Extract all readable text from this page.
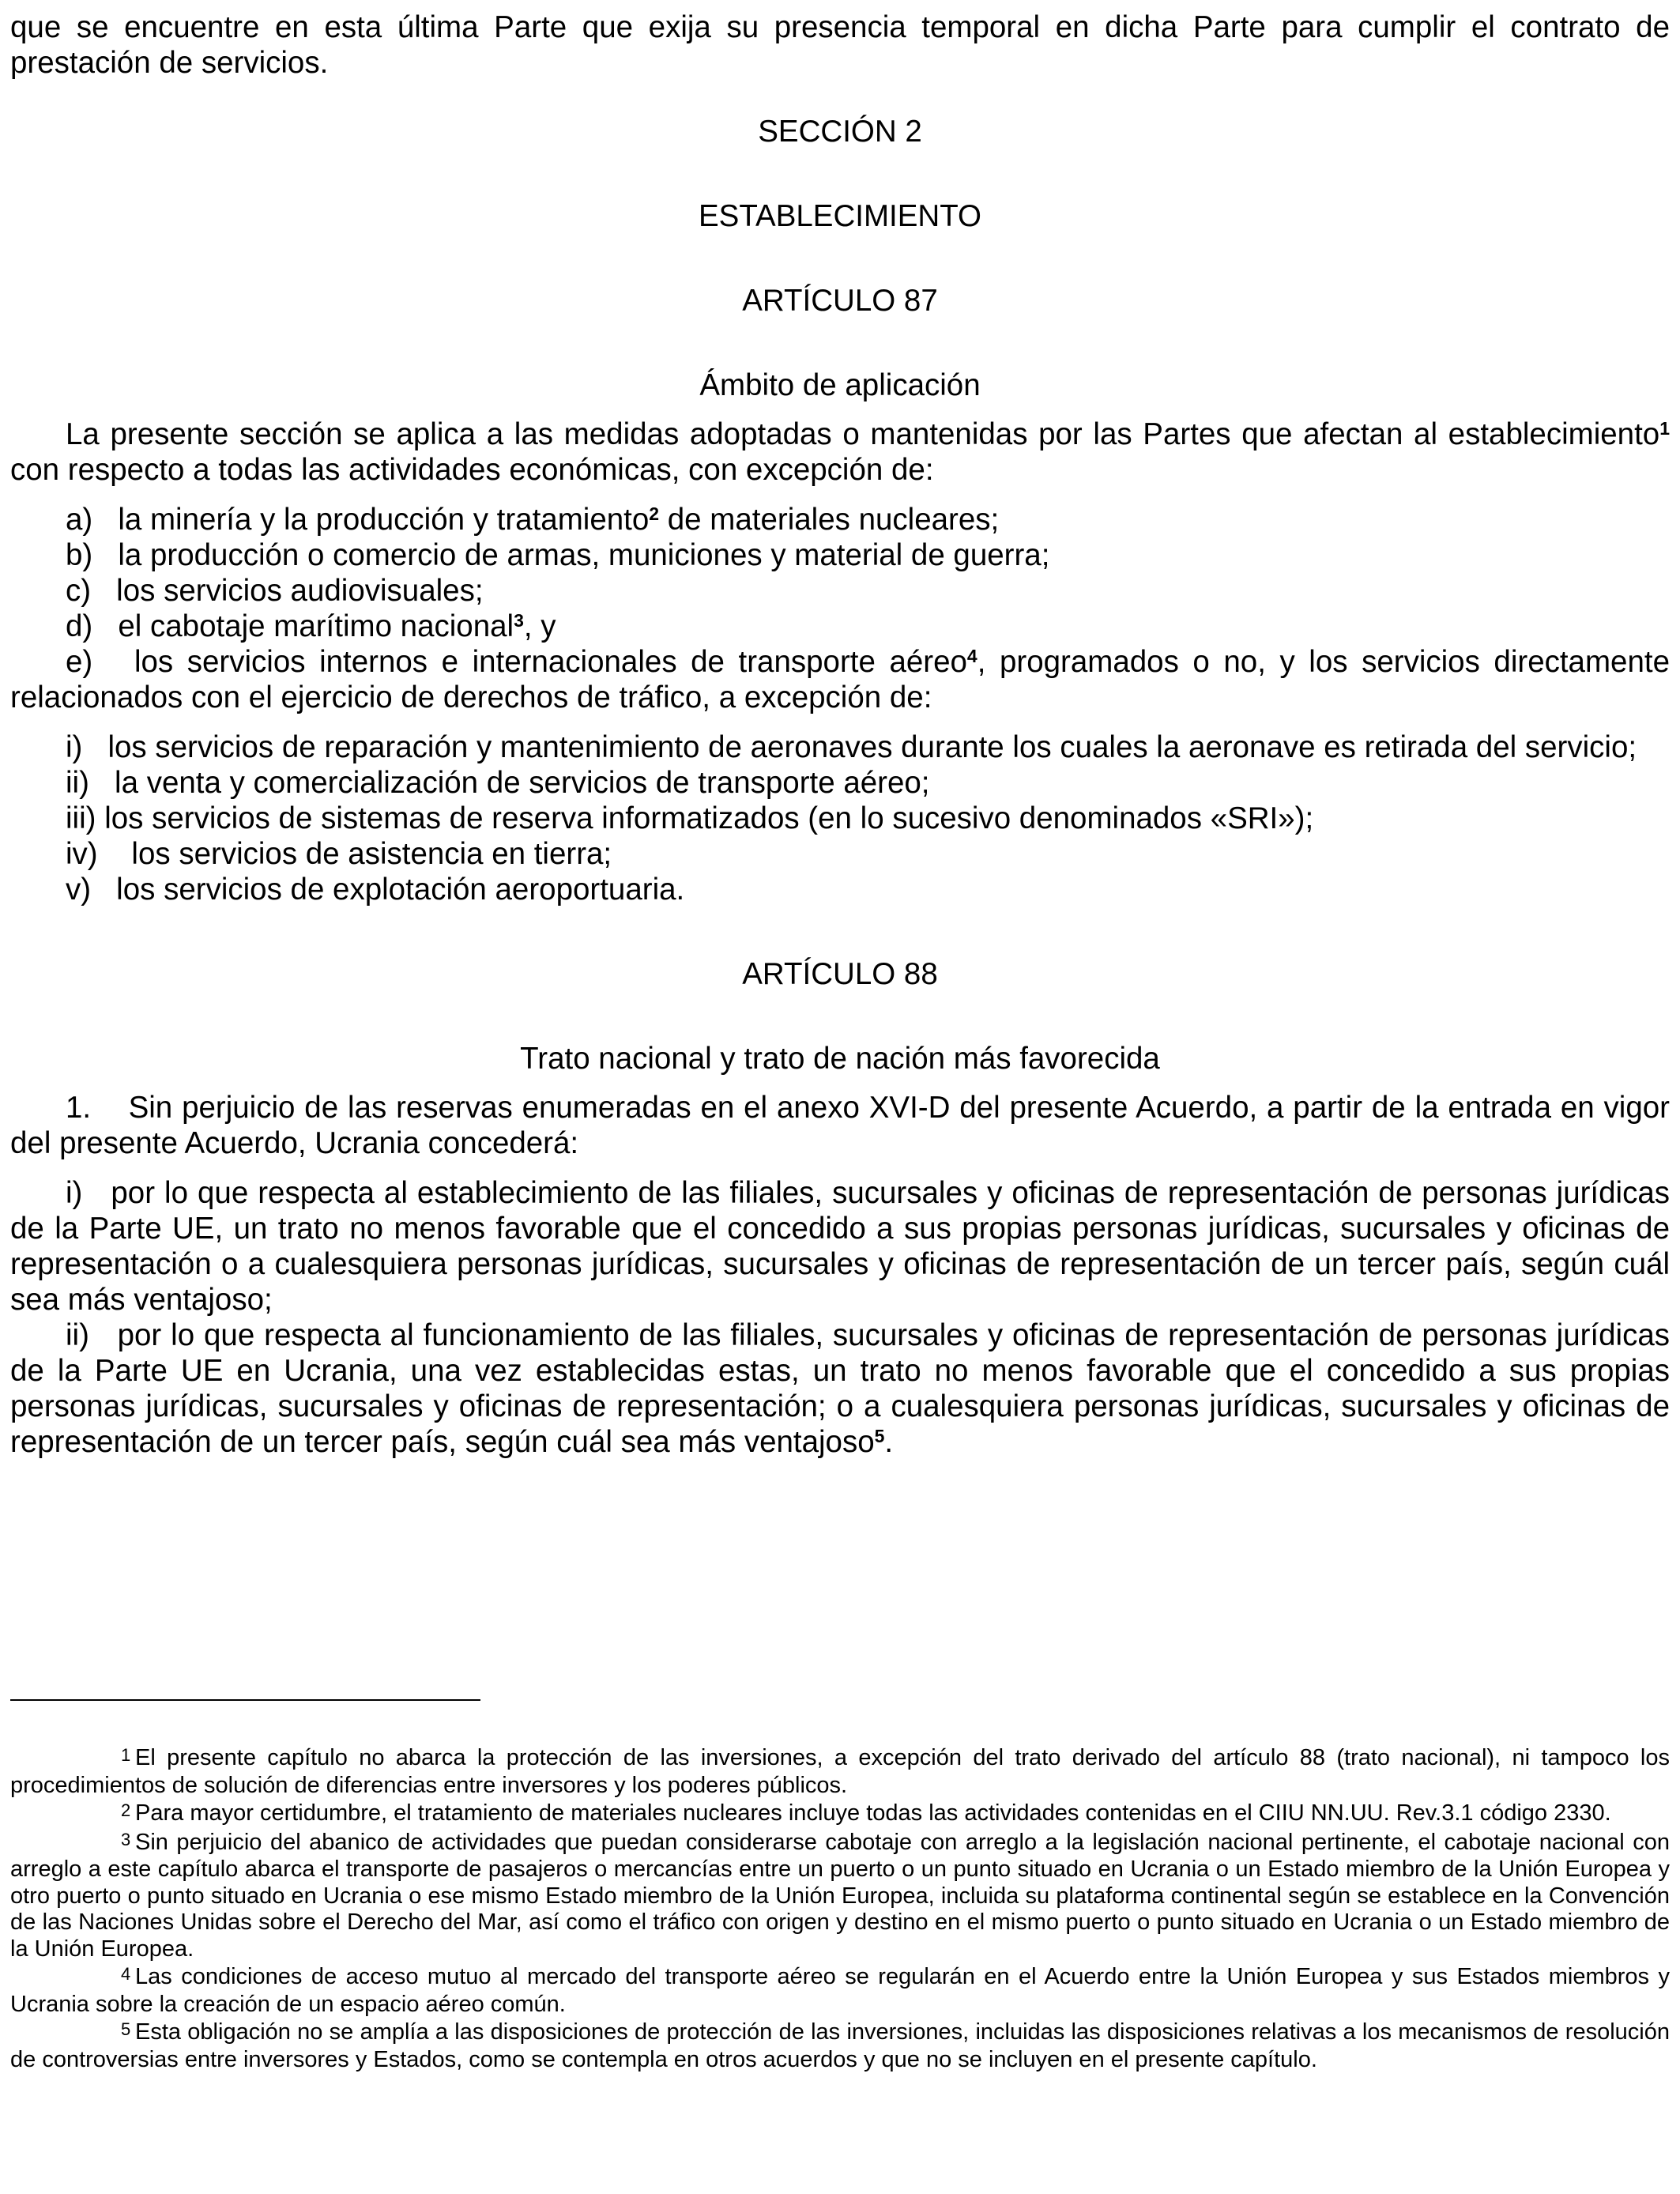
que se encuentre en esta última Parte que exija su presencia temporal en dicha Parte para cumplir el contrato de prestación de servicios.

SECCIÓN 2

ESTABLECIMIENTO

ARTÍCULO 87

Ámbito de aplicación

La presente sección se aplica a las medidas adoptadas o mantenidas por las Partes que afectan al establecimiento$^1$ con respecto a todas las actividades económicas, con excepción de:

a) la minería y la producción y tratamiento$^2$ de materiales nucleares;

b) la producción o comercio de armas, municiones y material de guerra;

c) los servicios audiovisuales;

d) el cabotaje marítimo nacional$^3$, y

e) los servicios internos e internacionales de transporte aéreo$^4$, programados o no, y los servicios directamente relacionados con el ejercicio de derechos de tráfico, a excepción de:

i) los servicios de reparación y mantenimiento de aeronaves durante los cuales la aeronave es retirada del servicio;

ii) la venta y comercialización de servicios de transporte aéreo;

iii) los servicios de sistemas de reserva informatizados (en lo sucesivo denominados «SRI»);

iv) los servicios de asistencia en tierra;

v) los servicios de explotación aeroportuaria.

ARTÍCULO 88

Trato nacional y trato de nación más favorecida

1. Sin perjuicio de las reservas enumeradas en el anexo XVI-D del presente Acuerdo, a partir de la entrada en vigor del presente Acuerdo, Ucrania concederá:

i) por lo que respecta al establecimiento de las filiales, sucursales y oficinas de representación de personas jurídicas de la Parte UE, un trato no menos favorable que el concedido a sus propias personas jurídicas, sucursales y oficinas de representación o a cualesquiera personas jurídicas, sucursales y oficinas de representación de un tercer país, según cuál sea más ventajoso;

ii) por lo que respecta al funcionamiento de las filiales, sucursales y oficinas de representación de personas jurídicas de la Parte UE en Ucrania, una vez establecidas estas, un trato no menos favorable que el concedido a sus propias personas jurídicas, sucursales y oficinas de representación; o a cualesquiera personas jurídicas, sucursales y oficinas de representación de un tercer país, según cuál sea más ventajoso$^5$.

1 El presente capítulo no abarca la protección de las inversiones, a excepción del trato derivado del artículo 88 (trato nacional), ni tampoco los procedimientos de solución de diferencias entre inversores y los poderes públicos.

2 Para mayor certidumbre, el tratamiento de materiales nucleares incluye todas las actividades contenidas en el CIIU NN.UU. Rev.3.1 código 2330.

3 Sin perjuicio del abanico de actividades que puedan considerarse cabotaje con arreglo a la legislación nacional pertinente, el cabotaje nacional con arreglo a este capítulo abarca el transporte de pasajeros o mercancías entre un puerto o un punto situado en Ucrania o un Estado miembro de la Unión Europea y otro puerto o punto situado en Ucrania o ese mismo Estado miembro de la Unión Europea, incluida su plataforma continental según se establece en la Convención de las Naciones Unidas sobre el Derecho del Mar, así como el tráfico con origen y destino en el mismo puerto o punto situado en Ucrania o un Estado miembro de la Unión Europea.

4 Las condiciones de acceso mutuo al mercado del transporte aéreo se regularán en el Acuerdo entre la Unión Europea y sus Estados miembros y Ucrania sobre la creación de un espacio aéreo común.

5 Esta obligación no se amplía a las disposiciones de protección de las inversiones, incluidas las disposiciones relativas a los mecanismos de resolución de controversias entre inversores y Estados, como se contempla en otros acuerdos y que no se incluyen en el presente capítulo.
